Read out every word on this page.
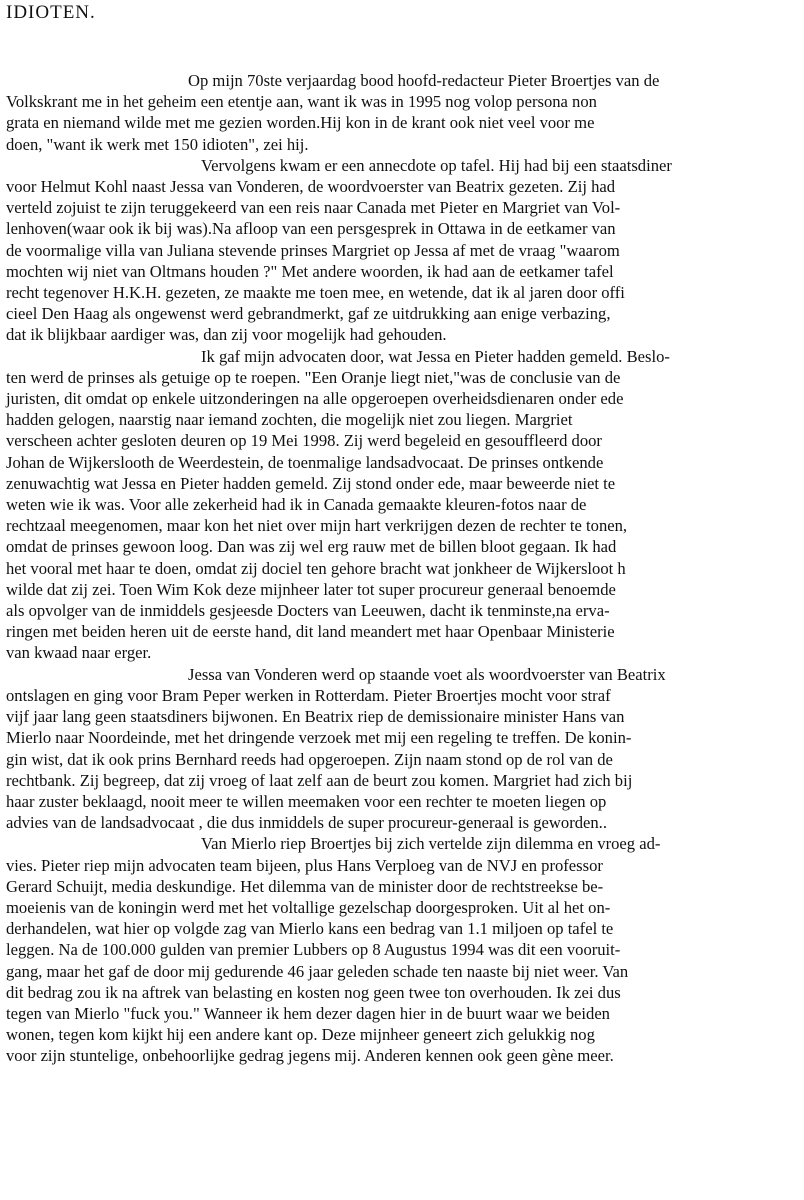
IDIOTEN.

Op mijn 70ste verjaardag bood hoofd-redacteur Pieter Broertjes van de
Volkskrant me in het geheim een etentje aan, want ik was in 1995 nog volop persona non
grata en niemand wilde met me gezien worden.Hij kon in de krant ook niet veel voor me
doen, "want ik werk met 150 idioten", zei hij.

Vervolgens kwam er een annecdote op tafel. Hij had bij een staatsdiner
voor Helmut Kohl naast Jessa van Vonderen, de woordvoerster van Beatrix gezeten. Zij had
verteld zojuist te zijn teruggekeerd van een reis naar Canada met Pieter en Margriet van Vol-
lenhoven(waar ook ik bij was).Na afloop van een persgesprek in Ottawa in de eetkamer van
de voormalige villa van Juliana stevende prinses Margriet op Jessa af met de vraag "waarom
mochten wij niet van Oltmans houden ?" Met andere woorden, ik had aan de eetkamer tafel
recht tegenover H.K.H. gezeten, ze maakte me toen mee, en wetende, dat ik al jaren door offi
cieel Den Haag als ongewenst werd gebrandmerkt, gaf ze uitdrukking aan enige verbazing,
dat ik blijkbaar aardiger was, dan zij voor mogelijk had gehouden.

Ik gaf mijn advocaten door, wat Jessa en Pieter hadden gemeld. Beslo-
ten werd de prinses als getuige op te roepen. "Een Oranje liegt niet,"was de conclusie van de
juristen, dit omdat op enkele uitzonderingen na alle opgeroepen overheidsdienaren onder ede
hadden gelogen, naarstig naar iemand zochten, die mogelijk niet zou liegen. Margriet
verscheen achter gesloten deuren op 19 Mei 1998. Zij werd begeleid en gesouffleerd door
Johan de Wijkerslooth de Weerdestein, de toenmalige landsadvocaat. De prinses ontkende
zenuwachtig wat Jessa en Pieter hadden gemeld. Zij stond onder ede, maar beweerde niet te
weten wie ik was. Voor alle zekerheid had ik in Canada gemaakte kleuren-fotos naar de
rechtzaal meegenomen, maar kon het niet over mijn hart verkrijgen dezen de rechter te tonen,
omdat de prinses gewoon loog. Dan was zij wel erg rauw met de billen bloot gegaan. Ik had
het vooral met haar te doen, omdat zij dociel ten gehore bracht wat jonkheer de Wijkersloot h
wilde dat zij zei. Toen Wim Kok deze mijnheer later tot super procureur generaal benoemde
als opvolger van de inmiddels gesjeesde Docters van Leeuwen, dacht ik tenminste,na erva-
ringen met beiden heren uit de eerste hand, dit land meandert met haar Openbaar Ministerie
van kwaad naar erger.

Jessa van Vonderen werd op staande voet als woordvoerster van Beatrix
ontslagen en ging voor Bram Peper werken in Rotterdam. Pieter Broertjes mocht voor straf
vijf jaar lang geen staatsdiners bijwonen. En Beatrix riep de demissionaire minister Hans van
Mierlo naar Noordeinde, met het dringende verzoek met mij een regeling te treffen. De konin-
gin wist, dat ik ook prins Bernhard reeds had opgeroepen. Zijn naam stond op de rol van de
rechtbank. Zij begreep, dat zij vroeg of laat zelf aan de beurt zou komen. Margriet had zich bij
haar zuster beklaagd, nooit meer te willen meemaken voor een rechter te moeten liegen op
advies van de landsadvocaat , die dus inmiddels de super procureur-generaal is geworden..

Van Mierlo riep Broertjes bij zich vertelde zijn dilemma en vroeg ad-
vies. Pieter riep mijn advocaten team bijeen, plus Hans Verploeg van de NVJ en professor
Gerard Schuijt, media deskundige. Het dilemma van de minister door de rechtstreekse be-
moeienis van de koningin werd met het voltallige gezelschap doorgesproken. Uit al het on-
derhandelen, wat hier op volgde zag van Mierlo kans een bedrag van 1.1 miljoen op tafel te
leggen. Na de 100.000 gulden van premier Lubbers op 8 Augustus 1994 was dit een vooruit-
gang, maar het gaf de door mij gedurende 46 jaar geleden schade ten naaste bij niet weer. Van
dit bedrag zou ik na aftrek van belasting en kosten nog geen twee ton overhouden. Ik zei dus
tegen van Mierlo "fuck you." Wanneer ik hem dezer dagen hier in de buurt waar we beiden
wonen, tegen kom kijkt hij een andere kant op. Deze mijnheer geneert zich gelukkig nog
voor zijn stuntelige, onbehoorlijke gedrag jegens mij. Anderen kennen ook geen gène meer.
